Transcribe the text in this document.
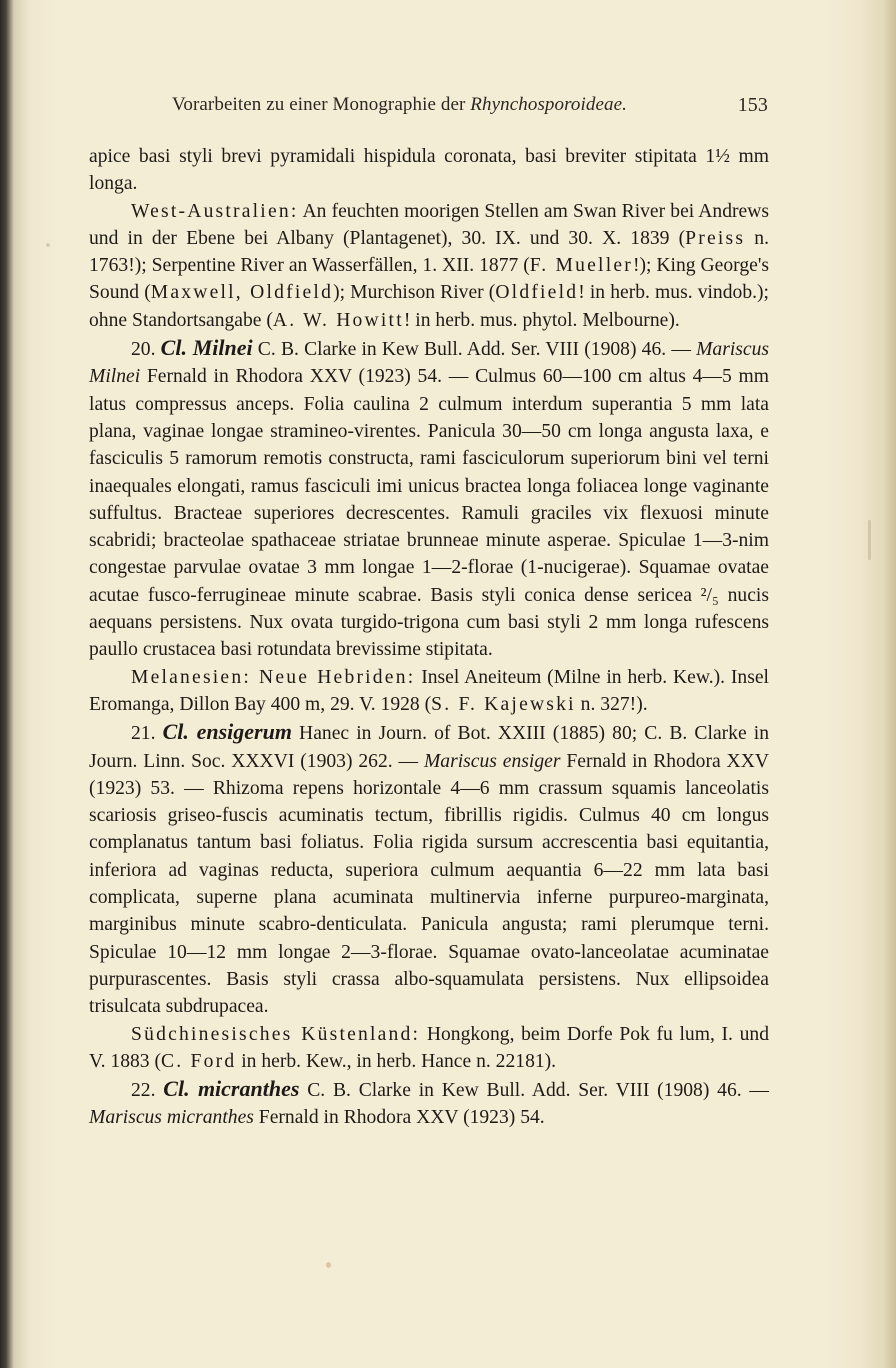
Vorarbeiten zu einer Monographie der Rhynchosporoideae.	153

apice basi styli brevi pyramidali hispidula coronata, basi breviter stipitata 1½ mm longa.

West-Australien: An feuchten moorigen Stellen am Swan River bei Andrews und in der Ebene bei Albany (Plantagenet), 30. IX. und 30. X. 1839 (Preiss n. 1763!); Serpentine River an Wasserfällen, 1. XII. 1877 (F. Mueller!); King George's Sound (Maxwell, Oldfield); Murchison River (Oldfield! in herb. mus. vindob.); ohne Standortsangabe (A. W. Howitt! in herb. mus. phytol. Melbourne).

20. Cl. Milnei C. B. Clarke in Kew Bull. Add. Ser. VIII (1908) 46. — Mariscus Milnei Fernald in Rhodora XXV (1923) 54. — Culmus 60—100 cm altus 4—5 mm latus compressus anceps. Folia caulina 2 culmum interdum superantia 5 mm lata plana, vaginae longae stramineo-virentes. Panicula 30—50 cm longa angusta laxa, e fasciculis 5 ramorum remotis constructa, rami fasciculorum superiorum bini vel terni inaequales elongati, ramus fasciculi imi unicus bractea longa foliacea longe vaginante suffultus. Bracteae superiores decrescentes. Ramuli graciles vix flexuosi minute scabridi; bracteolae spathaceae striatae brunneae minute asperae. Spiculae 1—3-nim congestae parvulae ovatae 3 mm longae 1—2-florae (1-nucigerae). Squamae ovatae acutae fusco-ferrugineae minute scabrae. Basis styli conica dense sericea ²/₅ nucis aequans persistens. Nux ovata turgido-trigona cum basi styli 2 mm longa rufescens paullo crustacea basi rotundata brevissime stipitata.

Melanesien: Neue Hebriden: Insel Aneiteum (Milne in herb. Kew.). Insel Eromanga, Dillon Bay 400 m, 29. V. 1928 (S. F. Kajewski n. 327!).

21. Cl. ensigerum Hanec in Journ. of Bot. XXIII (1885) 80; C. B. Clarke in Journ. Linn. Soc. XXXVI (1903) 262. — Mariscus ensiger Fernald in Rhodora XXV (1923) 53. — Rhizoma repens horizontale 4—6 mm crassum squamis lanceolatis scariosis griseo-fuscis acuminatis tectum, fibrillis rigidis. Culmus 40 cm longus complanatus tantum basi foliatus. Folia rigida sursum accrescentia basi equitantia, inferiora ad vaginas reducta, superiora culmum aequantia 6—22 mm lata basi complicata, superne plana acuminata multinervia inferne purpureo-marginata, marginibus minute scabro-denticulata. Panicula angusta; rami plerumque terni. Spiculae 10—12 mm longae 2—3-florae. Squamae ovato-lanceolatae acuminatae purpurascentes. Basis styli crassa albo-squamulata persistens. Nux ellipsoidea trisulcata subdrupacea.

Südchinesisches Küstenland: Hongkong, beim Dorfe Pok fu lum, I. und V. 1883 (C. Ford in herb. Kew., in herb. Hance n. 22181).

22. Cl. micranthes C. B. Clarke in Kew Bull. Add. Ser. VIII (1908) 46. — Mariscus micranthes Fernald in Rhodora XXV (1923) 54.
